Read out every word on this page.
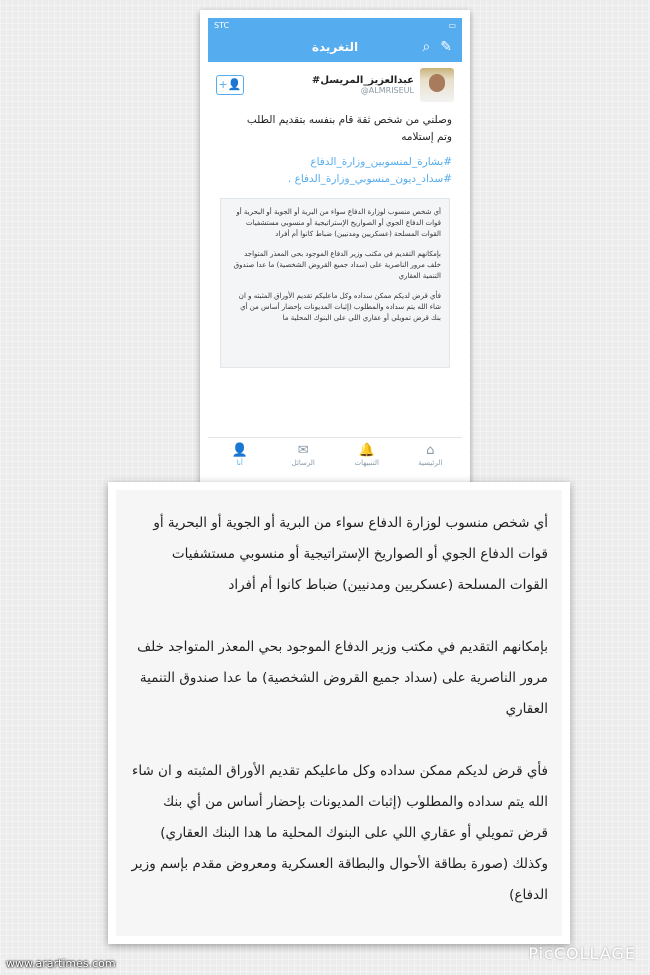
STC	▭
التغريدة	⌕ ✎
+👤	#عبدالعزيز_المريسل
@ALMRISEUL
وصلني من شخص ثقة قام بنفسه بتقديم الطلب
وتم إستلامه
#بشارة_لمنسوبين_وزارة_الدفاع
#سداد_ديون_منسوبي_وزارة_الدفاع .

أي شخص منسوب لوزارة الدفاع سواء من البرية أو الجوية أو البحرية أو قوات الدفاع الجوي أو الصواريخ الإستراتيجية أو منسوبي مستشفيات القوات المسلحة (عسكريين ومدنيين) ضباط كانوا أم أفراد

بإمكانهم التقديم في مكتب وزير الدفاع الموجود بحي المعذر المتواجد خلف مرور الناصرية على (سداد جميع القروض الشخصية) ما عدا صندوق التنمية العقاري

فأي قرض لديكم ممكن سداده وكل ماعليكم تقديم الأوراق المثبته و ان شاء الله يتم سداده والمطلوب (إثبات المديونات بإحضار أساس من أي بنك قرض تمويلي أو عقاري اللي على البنوك المحلية ما

👤
أنا
✉
الرسائل
🔔
التنبيهات
⌂
الرئيسية

أي شخص منسوب لوزارة الدفاع سواء من البرية أو الجوية أو البحرية أو قوات الدفاع الجوي أو الصواريخ الإستراتيجية أو منسوبي مستشفيات القوات المسلحة (عسكريين ومدنيين) ضباط كانوا أم أفراد

بإمكانهم التقديم في مكتب وزير الدفاع الموجود بحي المعذر المتواجد خلف مرور الناصرية على (سداد جميع القروض الشخصية) ما عدا صندوق التنمية العقاري

فأي قرض لديكم ممكن سداده وكل ماعليكم تقديم الأوراق المثبته و ان شاء الله يتم سداده والمطلوب (إثبات المديونات بإحضار أساس من أي بنك قرض تمويلي أو عقاري اللي على البنوك المحلية ما هدا البنك العقاري) وكذلك (صورة بطاقة الأحوال والبطاقة العسكرية ومعروض مقدم بإسم وزير الدفاع)

www.arartimes.com
PicCOLLAGE
